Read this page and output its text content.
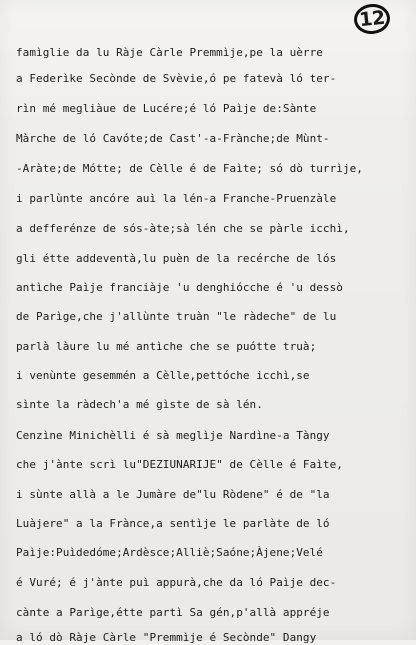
12
famìglie da lu Ràje Càrle Premmìje,pe la uèrre
a Federìke Secònde de Svèvie,ó pe fatevà ló ter-
rìn mé megliàue de Lucére;é ló Paìje de:Sànte
Màrche de ló Cavóte;de Cast'-a-Frànche;de Mùnt-
-Aràte;de Mótte; de Cèlle é de Faìte; só dò turrìje,
i parlùnte ancóre auì la lén-a Franche-Pruenzàle
a defferénze de sós-àte;sà lén che se pàrle icchì,
gli étte addeventà,lu puèn de la recérche de lós
antìche Paìje franciàje 'u denghiócche é 'u dessò
de Parìge,che j'allùnte truàn "le ràdeche" de lu
parlà làure lu mé antìche che se puótte truà;
i venùnte gesemmén a Cèlle,pettóche icchì,se
sìnte la ràdech'a mé gìste de sà lén.
Cenzìne Minichèlli é sà meglìje Nardìne-a Tàngy
che j'ànte scrì lu"DEZIUNARIJE" de Cèlle é Faìte,
i sùnte allà a le Jumàre de"lu Ròdene" é de "la
Luàjere" a la Frànce,a sentìje le parlàte de ló
Paìje:Puìdedóme;Ardèsce;Alliè;Saóne;Àjene;Velé
é Vuré; é j'ànte puì appurà,che da ló Paìje dec-
cànte a Parìge,étte partì Sa gén,p'allà appréje
a ló dò Ràje Càrle "Premmìje é Secònde" Dangy
